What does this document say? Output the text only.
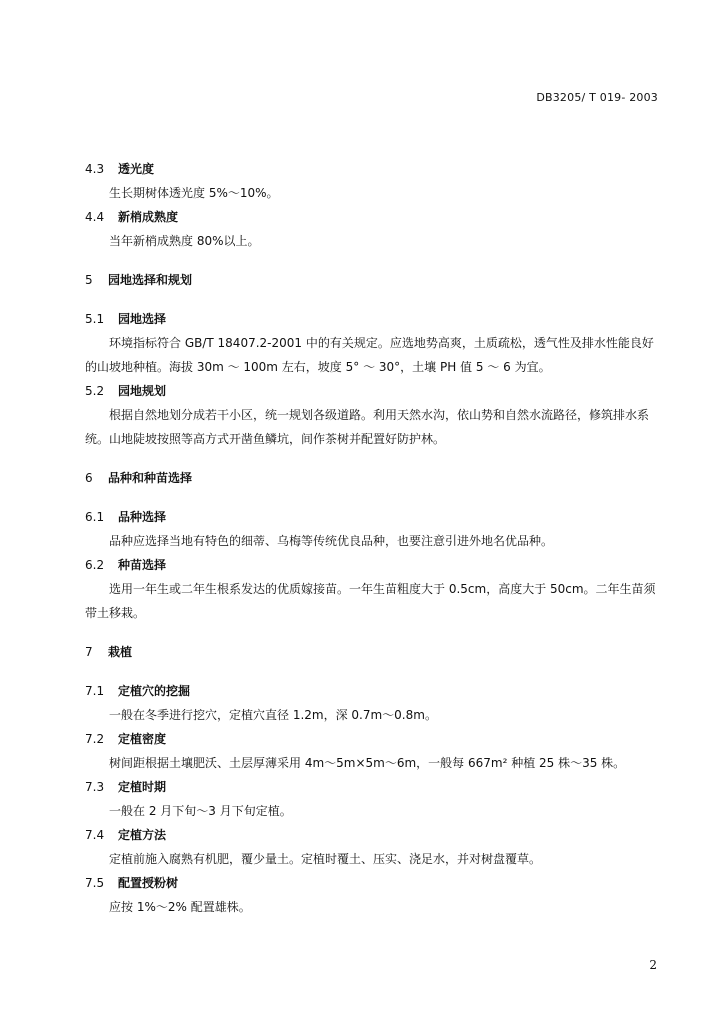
DB3205/ T 019- 2003
4.3	透光度
生长期树体透光度 5%～10%。
4.4	新梢成熟度
当年新梢成熟度 80%以上。
5	园地选择和规划
5.1	园地选择
环境指标符合 GB/T 18407.2-2001 中的有关规定。应选地势高爽，土质疏松，透气性及排水性能良好的山坡地种植。海拔 30m ～ 100m 左右，坡度 5° ～ 30°，土壤 PH 值 5 ～ 6 为宜。
5.2	园地规划
根据自然地划分成若干小区，统一规划各级道路。利用天然水沟，依山势和自然水流路径，修筑排水系统。山地陡坡按照等高方式开凿鱼鳞坑，间作茶树并配置好防护林。
6	品种和种苗选择
6.1	品种选择
品种应选择当地有特色的细蒂、乌梅等传统优良品种，也要注意引进外地名优品种。
6.2	种苗选择
选用一年生或二年生根系发达的优质嫁接苗。一年生苗粗度大于 0.5cm，高度大于 50cm。二年生苗须带土移栽。
7	栽植
7.1	定植穴的挖掘
一般在冬季进行挖穴，定植穴直径 1.2m，深 0.7m～0.8m。
7.2	定植密度
树间距根据土壤肥沃、土层厚薄采用 4m～5m×5m～6m，一般每 667m² 种植 25 株～35 株。
7.3	定植时期
一般在 2 月下旬～3 月下旬定植。
7.4	定植方法
定植前施入腐熟有机肥，覆少量土。定植时覆土、压实、浇足水，并对树盘覆草。
7.5	配置授粉树
应按 1%～2% 配置雄株。
2
